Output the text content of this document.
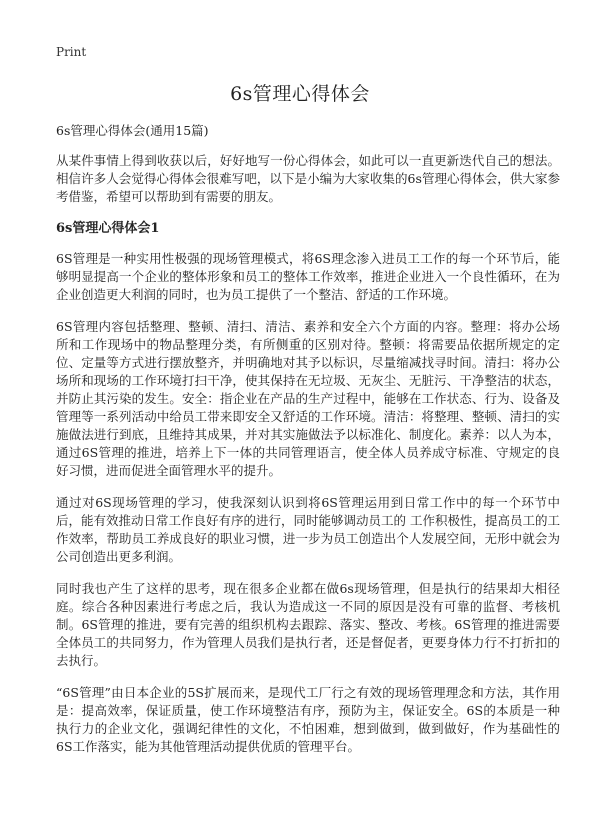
Print
6s管理心得体会
6s管理心得体会(通用15篇)

从某件事情上得到收获以后，好好地写一份心得体会，如此可以一直更新迭代自己的想法。相信许多人会觉得心得体会很难写吧，以下是小编为大家收集的6s管理心得体会，供大家参考借鉴，希望可以帮助到有需要的朋友。

6s管理心得体会1

6S管理是一种实用性极强的现场管理模式，将6S理念渗入进员工工作的每一个环节后，能够明显提高一个企业的整体形象和员工的整体工作效率，推进企业进入一个良性循环，在为企业创造更大利润的同时，也为员工提供了一个整洁、舒适的工作环境。

6S管理内容包括整理、整顿、清扫、清洁、素养和安全六个方面的内容。整理：将办公场所和工作现场中的物品整理分类，有所侧重的区别对待。整顿：将需要品依据所规定的定位、定量等方式进行摆放整齐，并明确地对其予以标识，尽量缩减找寻时间。清扫：将办公场所和现场的工作环境打扫干净，使其保持在无垃圾、无灰尘、无脏污、干净整洁的状态，并防止其污染的发生。安全：指企业在产品的生产过程中，能够在工作状态、行为、设备及管理等一系列活动中给员工带来即安全又舒适的工作环境。清洁：将整理、整顿、清扫的实施做法进行到底，且维持其成果，并对其实施做法予以标准化、制度化。素养：以人为本，通过6S管理的推进，培养上下一体的共同管理语言，使全体人员养成守标准、守规定的良好习惯，进而促进全面管理水平的提升。

通过对6S现场管理的学习，使我深刻认识到将6S管理运用到日常工作中的每一个环节中后，能有效推动日常工作良好有序的进行，同时能够调动员工的 工作积极性，提高员工的工作效率，帮助员工养成良好的职业习惯，进一步为员工创造出个人发展空间，无形中就会为公司创造出更多利润。

同时我也产生了这样的思考，现在很多企业都在做6s现场管理，但是执行的结果却大相径庭。综合各种因素进行考虑之后，我认为造成这一不同的原因是没有可靠的监督、考核机制。6S管理的推进，要有完善的组织机构去跟踪、落实、整改、考核。6S管理的推进需要全体员工的共同努力，作为管理人员我们是执行者，还是督促者，更要身体力行不打折扣的去执行。

“6S管理”由日本企业的5S扩展而来，是现代工厂行之有效的现场管理理念和方法，其作用是：提高效率，保证质量，使工作环境整洁有序，预防为主，保证安全。6S的本质是一种执行力的企业文化，强调纪律性的文化，不怕困难，想到做到，做到做好，作为基础性的6S工作落实，能为其他管理活动提供优质的管理平台。
